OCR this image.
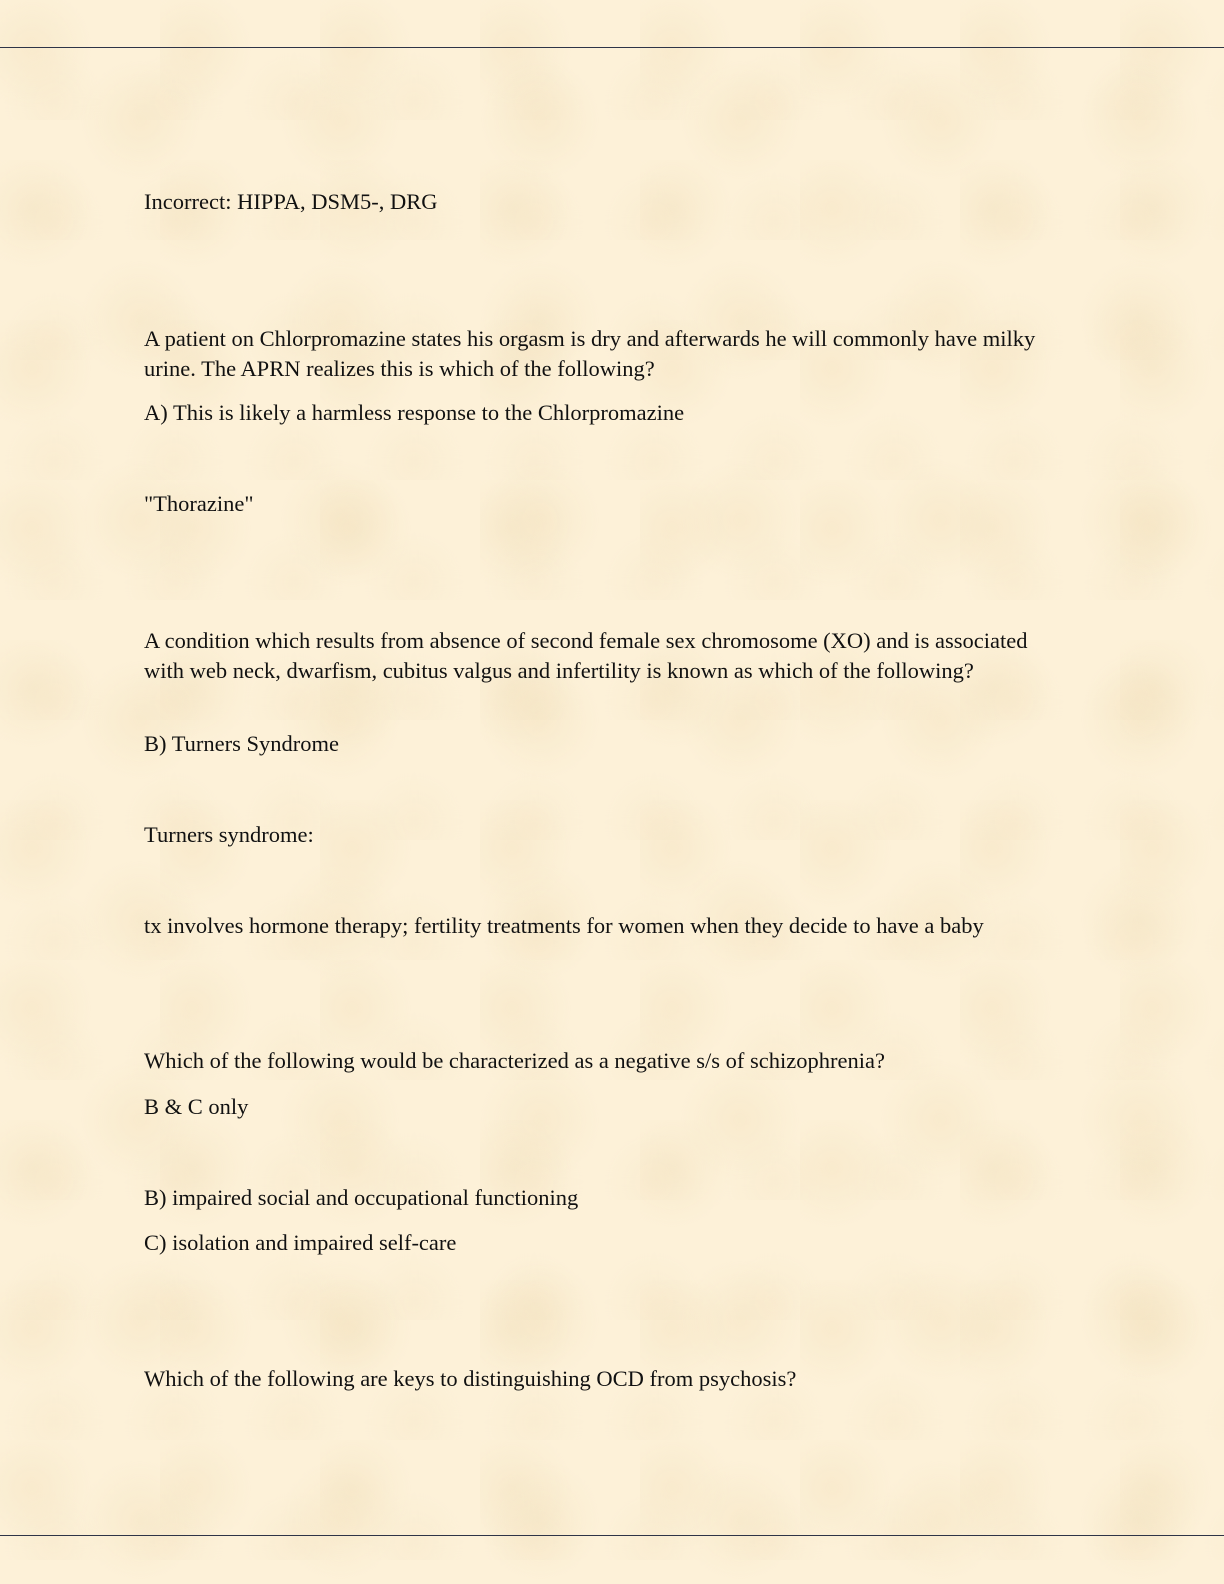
Incorrect: HIPPA, DSM5-, DRG
A patient on Chlorpromazine states his orgasm is dry and afterwards he will commonly have milky urine. The APRN realizes this is which of the following?
A) This is likely a harmless response to the Chlorpromazine
"Thorazine"
A condition which results from absence of second female sex chromosome (XO) and is associated with web neck, dwarfism, cubitus valgus and infertility is known as which of the following?
B) Turners Syndrome
Turners syndrome:
tx involves hormone therapy; fertility treatments for women when they decide to have a baby
Which of the following would be characterized as a negative s/s of schizophrenia?
B & C only
B) impaired social and occupational functioning
C) isolation and impaired self-care
Which of the following are keys to distinguishing OCD from psychosis?
